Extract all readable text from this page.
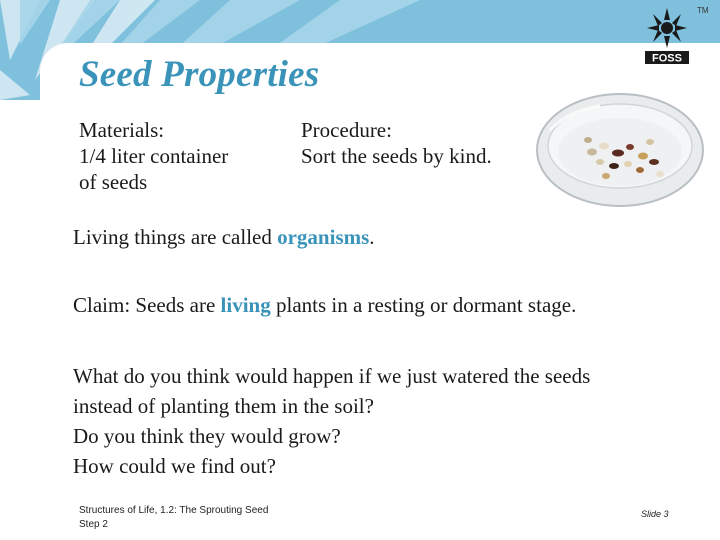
FOSS
TM
Seed Properties
Materials:
1/4 liter container
of seeds
Procedure:
Sort the seeds by kind.
Living things are called organisms.
Claim: Seeds are living plants in a resting or dormant stage.
What do you think would happen if we just watered the seeds
instead of planting them in the soil?
Do you think they would grow?
How could we find out?
Structures of Life, 1.2: The Sprouting Seed
Step 2
Slide 3
